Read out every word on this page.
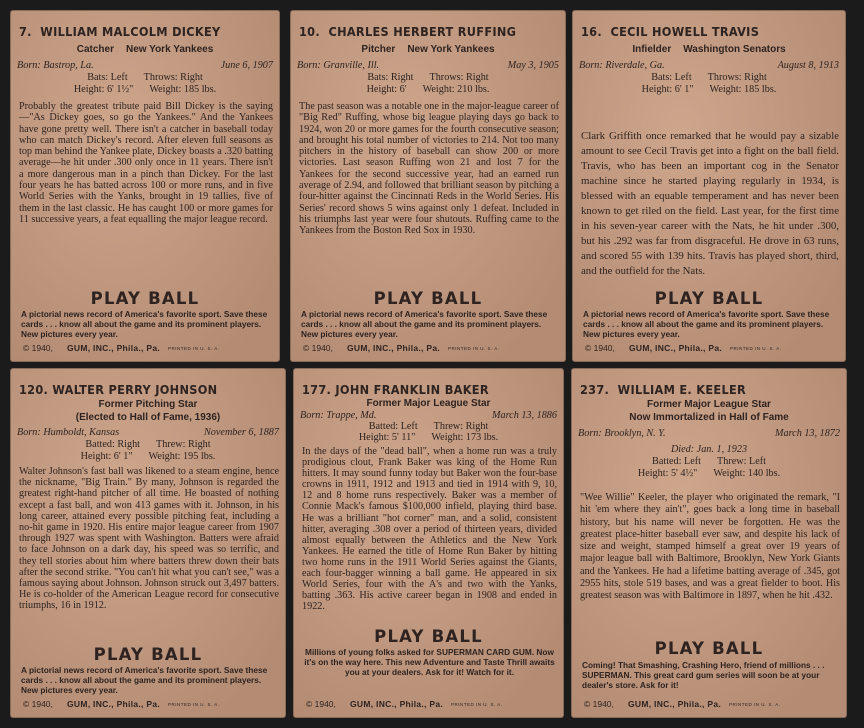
7. WILLIAM MALCOLM DICKEY
Catcher New York Yankees
Born: Bastrop, La.	June 6, 1907

Bats: Left Throws: Right
Height: 6' 1½" Weight: 185 lbs.
Probably the greatest tribute paid Bill Dickey is the saying—"As Dickey goes, so go the Yankees." And the Yankees have gone pretty well. There isn't a catcher in baseball today who can match Dickey's record. After eleven full seasons as top man behind the Yankee plate, Dickey boasts a .320 batting average—he hit under .300 only once in 11 years. There isn't a more dangerous man in a pinch than Dickey. For the last four years he has batted across 100 or more runs, and in five World Series with the Yanks, brought in 19 tallies, five of them in the last classic. He has caught 100 or more games for 11 successive years, a feat equalling the major league record.
PLAY BALL
A pictorial news record of America's favorite sport. Save these cards . . . know all about the game and its prominent players. New pictures every year.
© 1940, GUM, INC., Phila., Pa. PRINTED IN U. S. A.
10. CHARLES HERBERT RUFFING
Pitcher New York Yankees
Born: Granville, Ill.	May 3, 1905

Bats: Right Throws: Right
Height: 6' Weight: 210 lbs.
The past season was a notable one in the major-league career of "Big Red" Ruffing, whose big league playing days go back to 1924, won 20 or more games for the fourth consecutive season; and brought his total number of victories to 214. Not too many pitchers in the history of baseball can show 200 or more victories. Last season Ruffing won 21 and lost 7 for the Yankees for the second successive year, had an earned run average of 2.94, and followed that brilliant season by pitching a four-hitter against the Cincinnati Reds in the World Series. His Series' record shows 5 wins against only 1 defeat. Included in his triumphs last year were four shutouts. Ruffing came to the Yankees from the Boston Red Sox in 1930.
PLAY BALL
A pictorial news record of America's favorite sport. Save these cards . . . know all about the game and its prominent players. New pictures every year.
© 1940, GUM, INC., Phila., Pa. PRINTED IN U. S. A.
16. CECIL HOWELL TRAVIS
Infielder Washington Senators
Born: Riverdale, Ga.	August 8, 1913

Bats: Left Throws: Right
Height: 6' 1" Weight: 185 lbs.
Clark Griffith once remarked that he would pay a sizable amount to see Cecil Travis get into a fight on the ball field. Travis, who has been an important cog in the Senator machine since he started playing regularly in 1934, is blessed with an equable temperament and has never been known to get riled on the field. Last year, for the first time in his seven-year career with the Nats, he hit under .300, but his .292 was far from disgraceful. He drove in 63 runs, and scored 55 with 139 hits. Travis has played short, third, and the outfield for the Nats.
PLAY BALL
A pictorial news record of America's favorite sport. Save these cards . . . know all about the game and its prominent players. New pictures every year.
© 1940, GUM, INC., Phila., Pa. PRINTED IN U. S. A.
120. WALTER PERRY JOHNSON
Former Pitching Star
(Elected to Hall of Fame, 1936)
Born: Humboldt, Kansas	November 6, 1887

Batted: Right Threw: Right
Height: 6' 1" Weight: 195 lbs.
Walter Johnson's fast ball was likened to a steam engine, hence the nickname, "Big Train." By many, Johnson is regarded the greatest right-hand pitcher of all time. He boasted of nothing except a fast ball, and won 413 games with it. Johnson, in his long career, attained every possible pitching feat, including a no-hit game in 1920. His entire major league career from 1907 through 1927 was spent with Washington. Batters were afraid to face Johnson on a dark day, his speed was so terrific, and they tell stories about him where batters threw down their bats after the second strike. "You can't hit what you can't see," was a famous saying about Johnson. Johnson struck out 3,497 batters. He is co-holder of the American League record for consecutive triumphs, 16 in 1912.
PLAY BALL
A pictorial news record of America's favorite sport. Save these cards . . . know all about the game and its prominent players. New pictures every year.
© 1940, GUM, INC., Phila., Pa. PRINTED IN U. S. A.
177. JOHN FRANKLIN BAKER
Former Major League Star
Born: Trappe, Md.	March 13, 1886

Batted: Left Threw: Right
Height: 5' 11" Weight: 173 lbs.
In the days of the "dead ball", when a home run was a truly prodigious clout, Frank Baker was king of the Home Run hitters. It may sound funny today but Baker won the four-base crowns in 1911, 1912 and 1913 and tied in 1914 with 9, 10, 12 and 8 home runs respectively. Baker was a member of Connie Mack's famous $100,000 infield, playing third base. He was a brilliant "hot corner" man, and a solid, consistent hitter, averaging .308 over a period of thirteen years, divided almost equally between the Athletics and the New York Yankees. He earned the title of Home Run Baker by hitting two home runs in the 1911 World Series against the Giants, each four-bagger winning a ball game. He appeared in six World Series, four with the A's and two with the Yanks, batting .363. His active career began in 1908 and ended in 1922.
PLAY BALL
Millions of young folks asked for SUPERMAN CARD GUM. Now it's on the way here. This new Adventure and Taste Thrill awaits you at your dealers. Ask for it! Watch for it.
© 1940, GUM, INC., Phila., Pa. PRINTED IN U. S. A.
237. WILLIAM E. KEELER
Former Major League Star
Now Immortalized in Hall of Fame
Born: Brooklyn, N. Y.	March 13, 1872

Died: Jan. 1, 1923
Batted: Left Threw: Left
Height: 5' 4½" Weight: 140 lbs.
"Wee Willie" Keeler, the player who originated the remark, "I hit 'em where they ain't", goes back a long time in baseball history, but his name will never be forgotten. He was the greatest place-hitter baseball ever saw, and despite his lack of size and weight, stamped himself a great over 19 years of major league ball with Baltimore, Brooklyn, New York Giants and the Yankees. He had a lifetime batting average of .345, got 2955 hits, stole 519 bases, and was a great fielder to boot. His greatest season was with Baltimore in 1897, when he hit .432.
PLAY BALL
Coming! That Smashing, Crashing Hero, friend of millions . . . SUPERMAN. This great card gum series will soon be at your dealer's store. Ask for it!
© 1940, GUM, INC., Phila., Pa. PRINTED IN U. S. A.
